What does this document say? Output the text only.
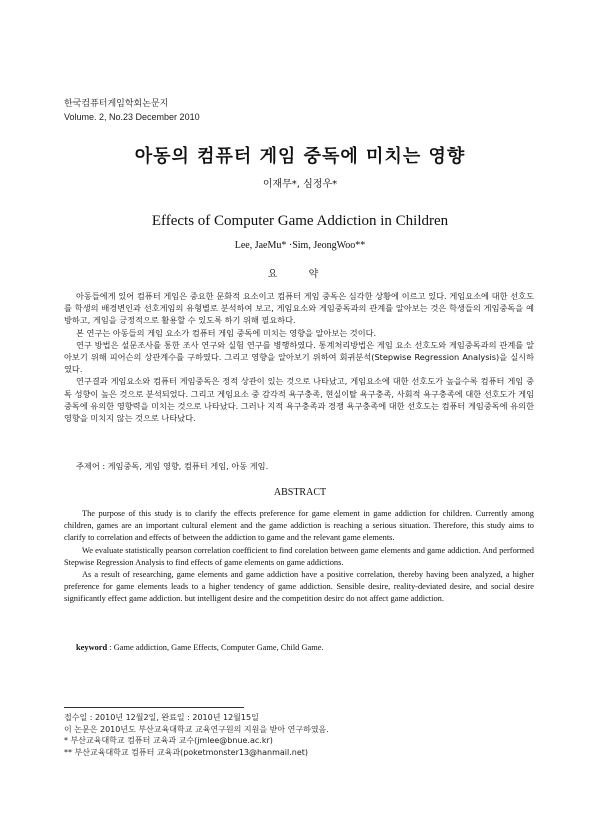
한국컴퓨터게임학회논문지
Volume. 2, No.23 December 2010
아동의 컴퓨터 게임 중독에 미치는 영향
이재무*, 심정우*
Effects of Computer Game Addiction in Children
Lee, JaeMu* ·Sim, JeongWoo**
요 약

아동들에게 있어 컴퓨터 게임은 중요한 문화적 요소이고 컴퓨터 게임 중독은 심각한 상황에 이르고 있다. 게임요소에 대한 선호도를 학생의 배경변인과 선호게임의 유형별로 분석하여 보고, 게임요소와 게임중독과의 관계를 알아보는 것은 학생들의 게임중독을 예방하고, 게임을 긍정적으로 활용할 수 있도록 하기 위해 필요하다.

본 연구는 아동들의 게임 요소가 컴퓨터 게임 중독에 미치는 영향을 알아보는 것이다.

연구 방법은 설문조사를 통한 조사 연구와 실험 연구를 병행하였다. 통계처리방법은 게임 요소 선호도와 게임중독과의 관계를 알아보기 위해 피어슨의 상관계수를 구하였다. 그리고 영향을 알아보기 위하여 회귀분석(Stepwise Regression Analysis)을 실시하였다.

연구결과 게임요소와 컴퓨터 게임중독은 정적 상관이 있는 것으로 나타났고, 게임요소에 대한 선호도가 높을수록 컴퓨터 게임 중독 성향이 높은 것으로 분석되었다. 그리고 게임요소 중 감각적 욕구충족, 현실이탈 욕구충족, 사회적 욕구충족에 대한 선호도가 게임중독에 유의한 영향력을 미치는 것으로 나타났다. 그러나 지적 욕구충족과 경쟁 욕구충족에 대한 선호도는 컴퓨터 게임중독에 유의한 영향을 미치지 않는 것으로 나타났다.

주제어 : 게임중독, 게임 영향, 컴퓨터 게임, 아동 게임.
ABSTRACT

The purpose of this study is to clarify the effects preference for game element in game addiction for children. Currently among children, games are an important cultural element and the game addiction is reaching a serious situation. Therefore, this study aims to clarify to correlation and effects of between the addiction to game and the relevant game elements.

We evaluate statistically pearson correlation coefficient to find corelation between game elements and game addiction. And performed Stepwise Regression Analysis to find effects of game elements on game addictions.

As a result of researching, game elements and game addiction have a positive correlation, thereby having been analyzed, a higher preference for game elements leads to a higher tendency of game addiction. Sensible desire, reality-deviated desire, and social desire significantly effect game addiction. but intelligent desire and the competition desirc do not affect game addiction.

keyword : Game addiction, Game Effects, Computer Game, Child Game.
접수일 : 2010년 12월2일, 완료일 : 2010년 12월15일
이 논문은 2010년도 부산교육대학교 교육연구원의 지원을 받아 연구하였음.
* 부산교육대학교 컴퓨터 교육과 교수(jmlee@bnue.ac.kr)
** 부산교육대학교 컴퓨터 교육과(poketmonster13@hanmail.net)
